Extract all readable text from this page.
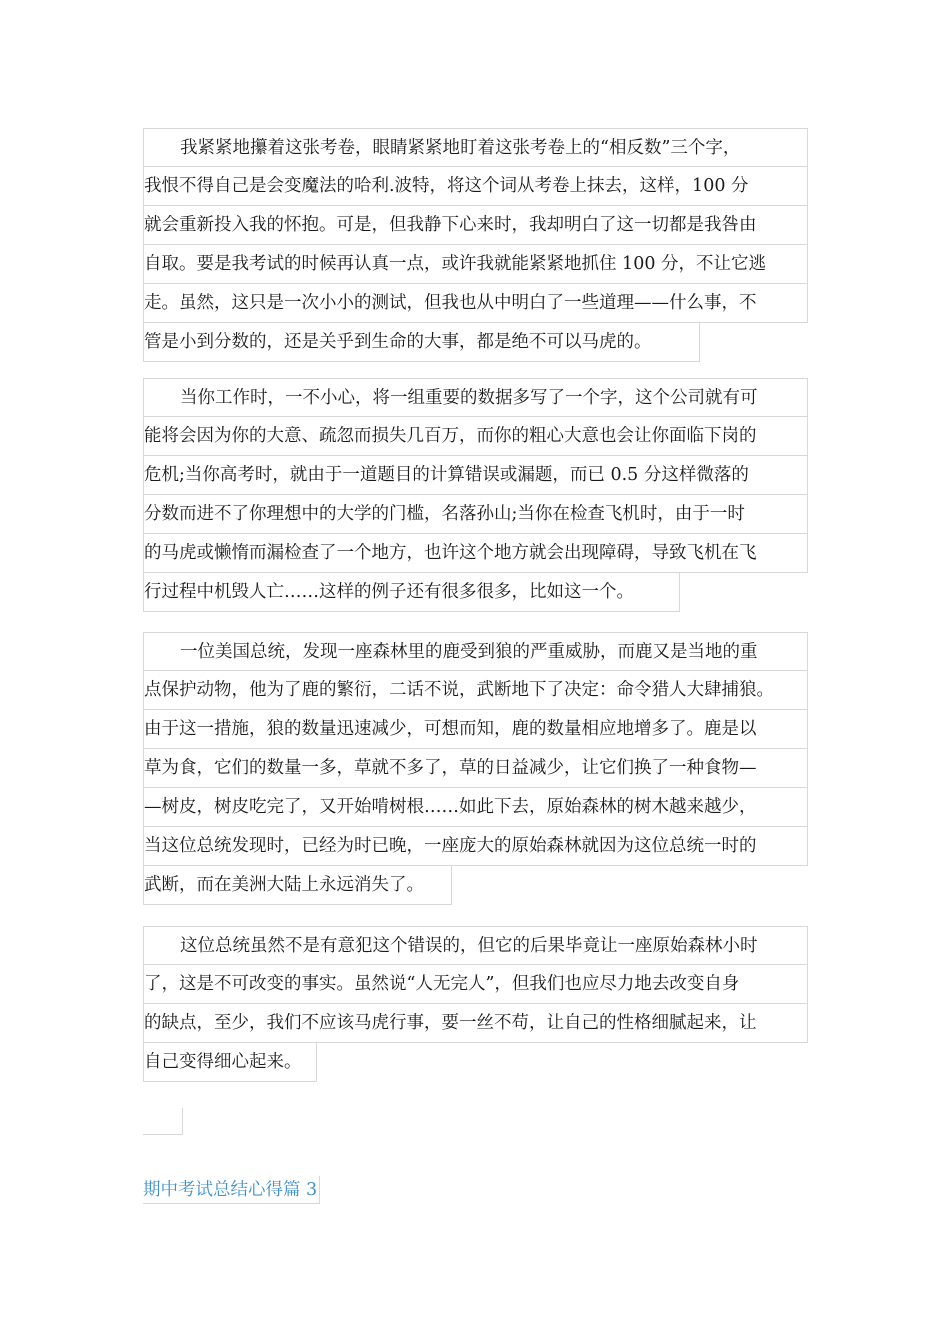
我紧紧地攥着这张考卷，眼睛紧紧地盯着这张考卷上的“相反数”三个字，
我恨不得自己是会变魔法的哈利.波特，将这个词从考卷上抹去，这样，100 分
就会重新投入我的怀抱。可是，但我静下心来时，我却明白了这一切都是我咎由
自取。要是我考试的时候再认真一点，或许我就能紧紧地抓住 100 分，不让它逃
走。虽然，这只是一次小小的测试，但我也从中明白了一些道理——什么事，不
管是小到分数的，还是关乎到生命的大事，都是绝不可以马虎的。
当你工作时，一不小心，将一组重要的数据多写了一个字，这个公司就有可
能将会因为你的大意、疏忽而损失几百万，而你的粗心大意也会让你面临下岗的
危机;当你高考时，就由于一道题目的计算错误或漏题，而已 0.5 分这样微落的
分数而进不了你理想中的大学的门槛，名落孙山;当你在检查飞机时，由于一时
的马虎或懒惰而漏检查了一个地方，也许这个地方就会出现障碍，导致飞机在飞
行过程中机毁人亡……这样的例子还有很多很多，比如这一个。
一位美国总统，发现一座森林里的鹿受到狼的严重威胁，而鹿又是当地的重
点保护动物，他为了鹿的繁衍，二话不说，武断地下了决定：命令猎人大肆捕狼。
由于这一措施，狼的数量迅速减少，可想而知，鹿的数量相应地增多了。鹿是以
草为食，它们的数量一多，草就不多了，草的日益减少，让它们换了一种食物—
—树皮，树皮吃完了，又开始啃树根……如此下去，原始森林的树木越来越少，
当这位总统发现时，已经为时已晚，一座庞大的原始森林就因为这位总统一时的
武断，而在美洲大陆上永远消失了。
这位总统虽然不是有意犯这个错误的，但它的后果毕竟让一座原始森林小时
了，这是不可改变的事实。虽然说“人无完人”，但我们也应尽力地去改变自身
的缺点，至少，我们不应该马虎行事，要一丝不苟，让自己的性格细腻起来，让
自己变得细心起来。
期中考试总结心得篇 3
